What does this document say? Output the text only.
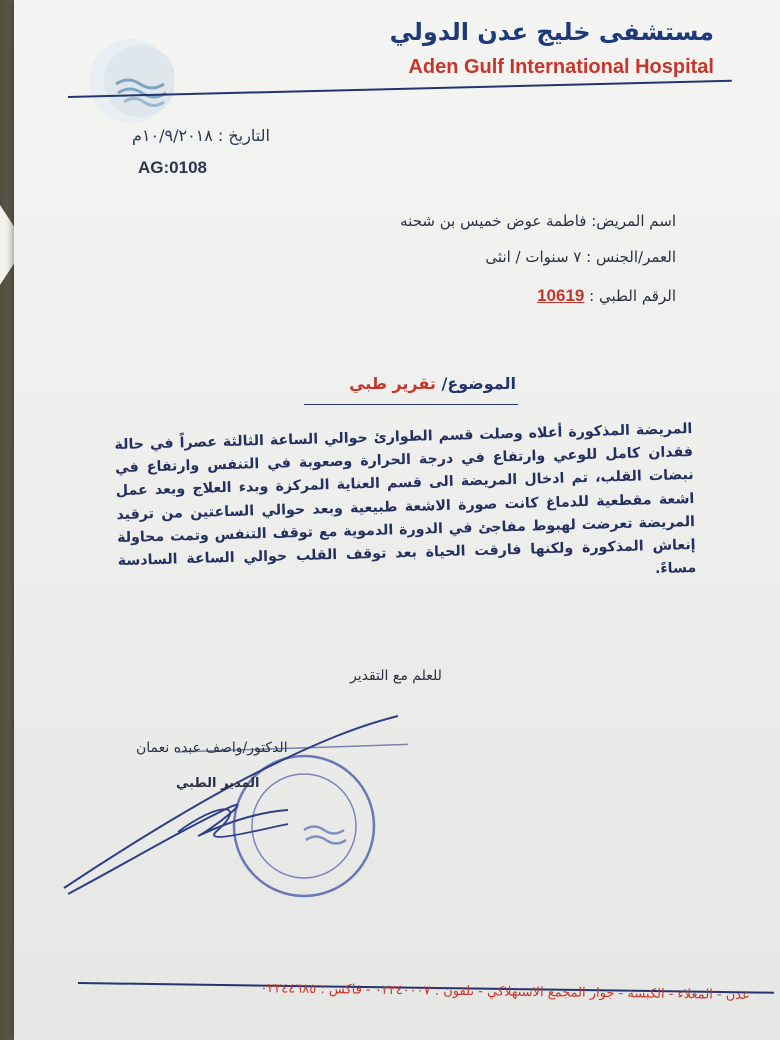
مستشفى خليج عدن الدولي
Aden Gulf International Hospital
التاريخ : ١٠/٩/٢٠١٨م
AG:0108
اسم المريض: فاطمة عوض خميس بن شحنه
العمر/الجنس : ٧ سنوات / انثى
الرقم الطبي : 10619
الموضوع/ تقرير طبي
المريضة المذكورة أعلاه وصلت قسم الطوارئ حوالي الساعة الثالثة عصراً في حالة فقدان كامل للوعي وارتفاع في درجة الحرارة وصعوبة في التنفس وارتفاع في نبضات القلب، تم ادخال المريضة الى قسم العناية المركزة وبدء العلاج وبعد عمل اشعة مقطعية للدماغ كانت صورة الاشعة طبيعية وبعد حوالي الساعتين من ترقيد المريضة تعرضت لهبوط مفاجئ في الدورة الدموية مع توقف التنفس وتمت محاولة إنعاش المذكورة ولكنها فارقت الحياة بعد توقف القلب حوالي الساعة السادسة مساءً.
للعلم مع التقدير
الدكتور/واصف عبده نعمان
المدير الطبي
عدن - المعلاء - الكبسة - جوار المجمع الاستهلاكي - تلفون : ٠٢٢٤٠٠٠٧ - فاكس : ٠٢٢٤٤٦٨٥
